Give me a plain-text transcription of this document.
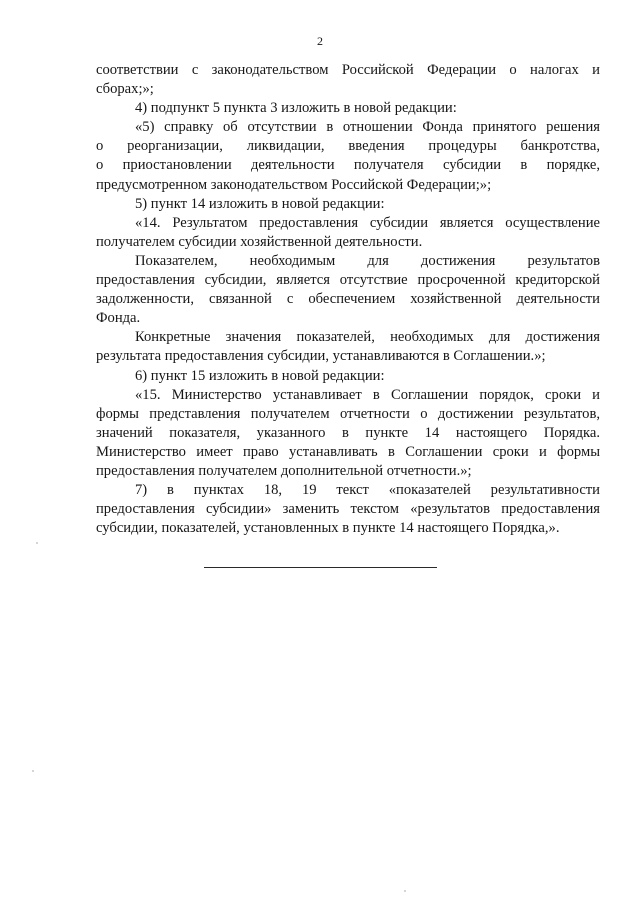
2
соответствии с законодательством Российской Федерации о налогах и
сборах;»;
4) подпункт 5 пункта 3 изложить в новой редакции:
«5) справку об отсутствии в отношении Фонда принятого решения
о реорганизации, ликвидации, введения процедуры банкротства,
о приостановлении деятельности получателя субсидии в порядке,
предусмотренном законодательством Российской Федерации;»;
5) пункт 14 изложить в новой редакции:
«14. Результатом предоставления субсидии является осуществление
получателем субсидии хозяйственной деятельности.
Показателем, необходимым для достижения результатов
предоставления субсидии, является отсутствие просроченной кредиторской
задолженности, связанной с обеспечением хозяйственной деятельности
Фонда.
Конкретные значения показателей, необходимых для достижения
результата предоставления субсидии, устанавливаются в Соглашении.»;
6) пункт 15 изложить в новой редакции:
«15. Министерство устанавливает в Соглашении порядок, сроки и
формы представления получателем отчетности о достижении результатов,
значений показателя, указанного в пункте 14 настоящего Порядка.
Министерство имеет право устанавливать в Соглашении сроки и формы
предоставления получателем дополнительной отчетности.»;
7) в пунктах 18, 19 текст «показателей результативности
предоставления субсидии» заменить текстом «результатов предоставления
субсидии, показателей, установленных в пункте 14 настоящего Порядка,».
